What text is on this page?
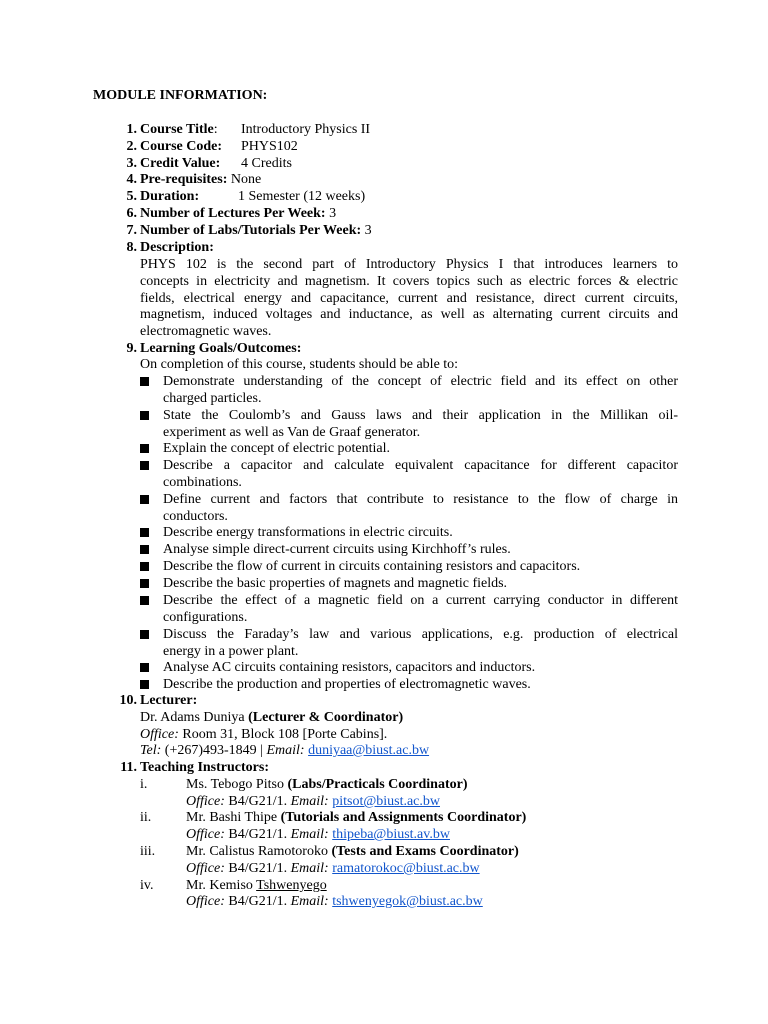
MODULE INFORMATION:
1. Course Title: Introductory Physics II
2. Course Code: PHYS102
3. Credit Value: 4 Credits
4. Pre-requisites: None
5. Duration:	1 Semester (12 weeks)
6. Number of Lectures Per Week: 3
7. Number of Labs/Tutorials Per Week: 3
8. Description:
PHYS 102 is the second part of Introductory Physics I that introduces learners to
concepts in electricity and magnetism. It covers topics such as electric forces & electric
fields, electrical energy and capacitance, current and resistance, direct current circuits,
magnetism, induced voltages and inductance, as well as alternating current circuits and
electromagnetic waves.
9. Learning Goals/Outcomes:
On completion of this course, students should be able to:
Demonstrate understanding of the concept of electric field and its effect on other
charged particles.
State the Coulomb’s and Gauss laws and their application in the Millikan oil-
experiment as well as Van de Graaf generator.
Explain the concept of electric potential.
Describe a capacitor and calculate equivalent capacitance for different capacitor
combinations.
Define current and factors that contribute to resistance to the flow of charge in
conductors.
Describe energy transformations in electric circuits.
Analyse simple direct-current circuits using Kirchhoff’s rules.
Describe the flow of current in circuits containing resistors and capacitors.
Describe the basic properties of magnets and magnetic fields.
Describe the effect of a magnetic field on a current carrying conductor in different
configurations.
Discuss the Faraday’s law and various applications, e.g. production of electrical
energy in a power plant.
Analyse AC circuits containing resistors, capacitors and inductors.
Describe the production and properties of electromagnetic waves.
10. Lecturer:
Dr. Adams Duniya (Lecturer & Coordinator)
Office: Room 31, Block 108 [Porte Cabins].
Tel: (+267)493-1849 | Email: duniyaa@biust.ac.bw
11. Teaching Instructors:
i.	Ms. Tebogo Pitso (Labs/Practicals Coordinator)
Office: B4/G21/1. Email: pitsot@biust.ac.bw
ii. Mr. Bashi Thipe (Tutorials and Assignments Coordinator)
Office: B4/G21/1. Email: thipeba@biust.av.bw
iii. Mr. Calistus Ramotoroko (Tests and Exams Coordinator)
Office: B4/G21/1. Email: ramatorokoc@biust.ac.bw
iv. Mr. Kemiso Tshwenyego
Office: B4/G21/1. Email: tshwenyegok@biust.ac.bw
